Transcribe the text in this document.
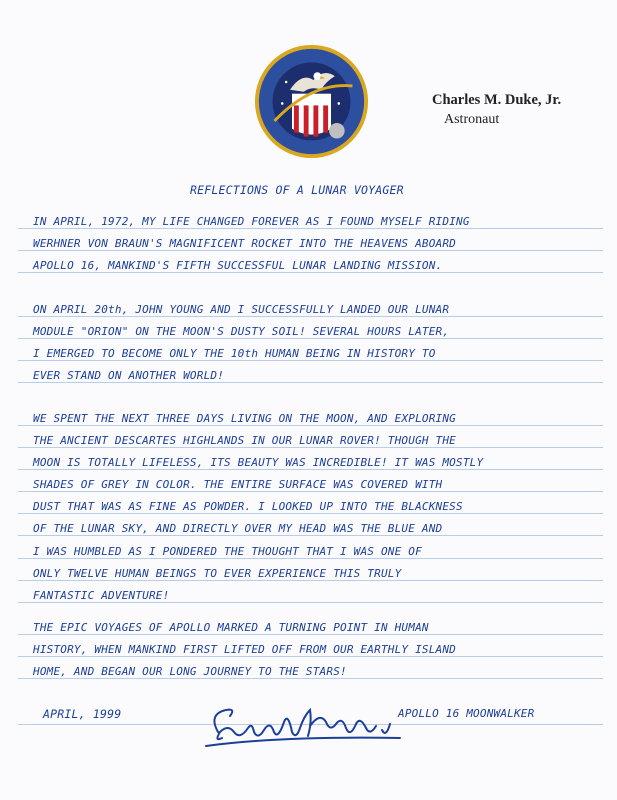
Charles M. Duke, Jr.
Astronaut
REFLECTIONS OF A LUNAR VOYAGER
IN APRIL, 1972, MY LIFE CHANGED FOREVER AS I FOUND MYSELF RIDING
WERHNER VON BRAUN'S MAGNIFICENT ROCKET INTO THE HEAVENS ABOARD
APOLLO 16, MANKIND'S FIFTH SUCCESSFUL LUNAR LANDING MISSION.
ON APRIL 20th, JOHN YOUNG AND I SUCCESSFULLY LANDED OUR LUNAR
MODULE "ORION" ON THE MOON'S DUSTY SOIL! SEVERAL HOURS LATER,
I EMERGED TO BECOME ONLY THE 10th HUMAN BEING IN HISTORY TO
EVER STAND ON ANOTHER WORLD!
WE SPENT THE NEXT THREE DAYS LIVING ON THE MOON, AND EXPLORING
THE ANCIENT DESCARTES HIGHLANDS IN OUR LUNAR ROVER! THOUGH THE
MOON IS TOTALLY LIFELESS, ITS BEAUTY WAS INCREDIBLE! IT WAS MOSTLY
SHADES OF GREY IN COLOR. THE ENTIRE SURFACE WAS COVERED WITH
DUST THAT WAS AS FINE AS POWDER. I LOOKED UP INTO THE BLACKNESS
OF THE LUNAR SKY, AND DIRECTLY OVER MY HEAD WAS THE BLUE AND
I WAS HUMBLED AS I PONDERED THE THOUGHT THAT I WAS ONE OF
ONLY TWELVE HUMAN BEINGS TO EVER EXPERIENCE THIS TRULY
FANTASTIC ADVENTURE!
THE EPIC VOYAGES OF APOLLO MARKED A TURNING POINT IN HUMAN
HISTORY, WHEN MANKIND FIRST LIFTED OFF FROM OUR EARTHLY ISLAND
HOME, AND BEGAN OUR LONG JOURNEY TO THE STARS!
APRIL, 1999	APOLLO 16 MOONWALKER
